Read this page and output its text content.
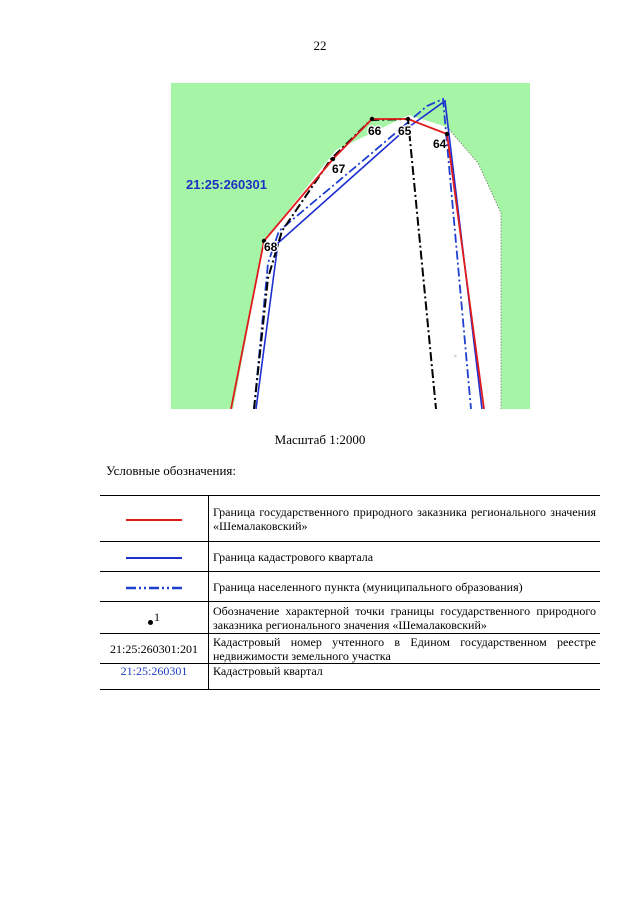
22
u
21:25:260301
64
65
66
67
68
Масштаб 1:2000
Условные обозначения:
	Граница государственного природного заказника регионального значения «Шемалаковский»
	Граница кадастрового квартала
	Граница населенного пункта (муниципального образования)
1	Обозначение характерной точки границы государственного природного заказника регионального значения «Шемалаковский»
21:25:260301:201	Кадастровый номер учтенного в Едином государственном реестре недвижимости земельного участка
21:25:260301	Кадастровый квартал
